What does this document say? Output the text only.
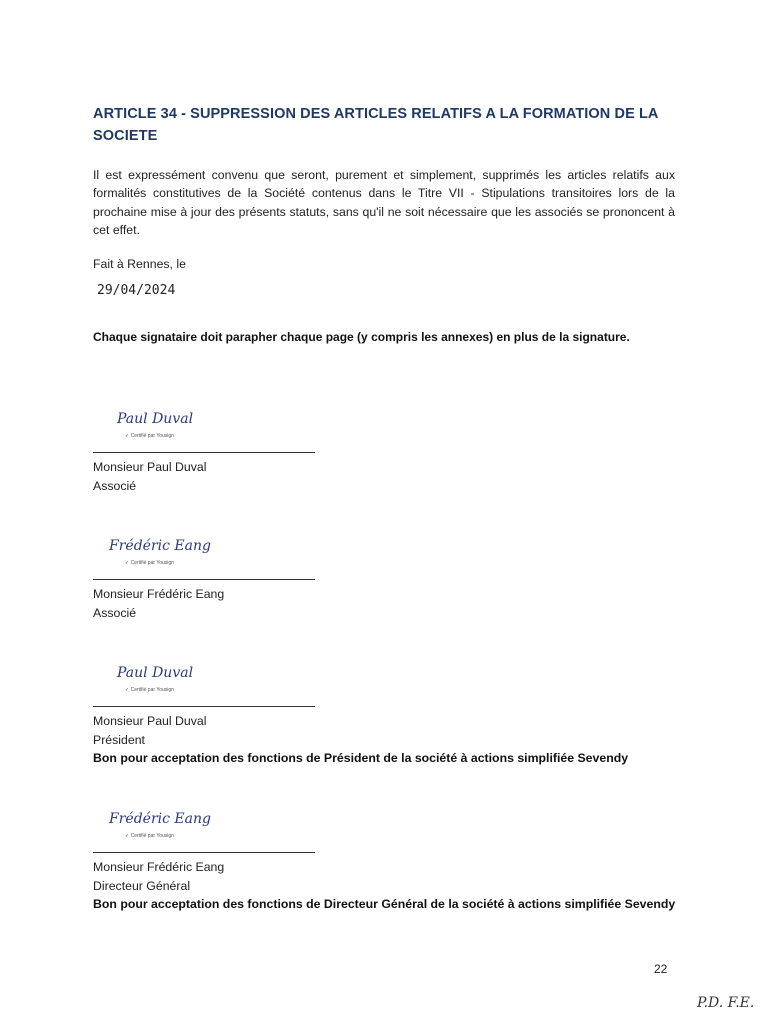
ARTICLE 34 - SUPPRESSION DES ARTICLES RELATIFS A LA FORMATION DE LA SOCIETE
Il est expressément convenu que seront, purement et simplement, supprimés les articles relatifs aux formalités constitutives de la Société contenus dans le Titre VII - Stipulations transitoires lors de la prochaine mise à jour des présents statuts, sans qu'il ne soit nécessaire que les associés se prononcent à cet effet.
Fait à Rennes, le
29/04/2024
Chaque signataire doit parapher chaque page (y compris les annexes) en plus de la signature.
Paul Duval
✓ Certifié par Yousign
Monsieur Paul Duval
Associé
Frédéric Eang
✓ Certifié par Yousign
Monsieur Frédéric Eang
Associé
Paul Duval
✓ Certifié par Yousign
Monsieur Paul Duval
Président
Bon pour acceptation des fonctions de Président de la société à actions simplifiée Sevendy
Frédéric Eang
✓ Certifié par Yousign
Monsieur Frédéric Eang
Directeur Général
Bon pour acceptation des fonctions de Directeur Général de la société à actions simplifiée Sevendy
22
P.D. F.E.
